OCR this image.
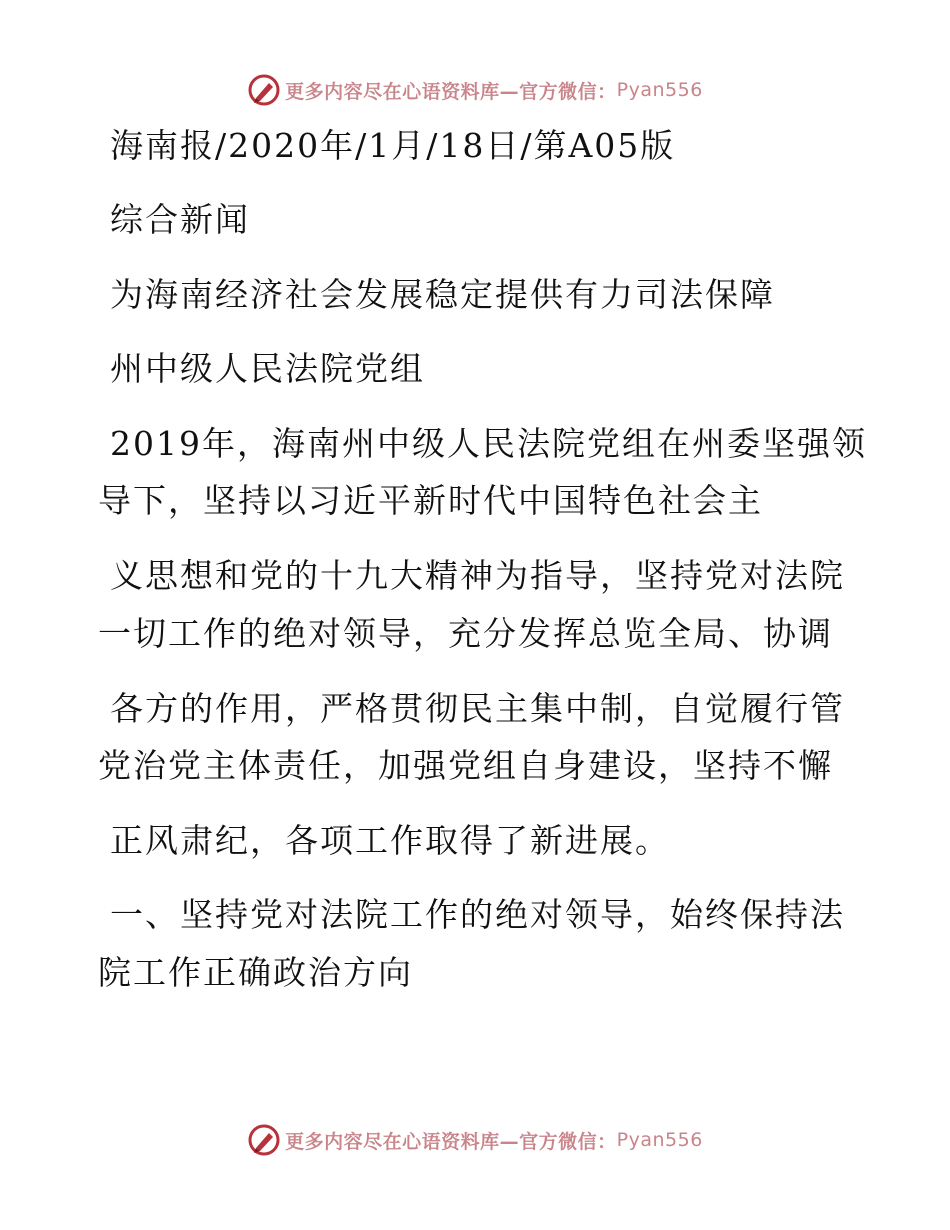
更多内容尽在心语资料库—官方微信： Pyan556
海南报/2020年/1月/18日/第A05版
综合新闻
为海南经济社会发展稳定提供有力司法保障
州中级人民法院党组
2019年，海南州中级人民法院党组在州委坚强领
导下，坚持以习近平新时代中国特色社会主
义思想和党的十九大精神为指导，坚持党对法院
一切工作的绝对领导，充分发挥总览全局、协调
各方的作用，严格贯彻民主集中制，自觉履行管
党治党主体责任，加强党组自身建设，坚持不懈
正风肃纪，各项工作取得了新进展。
一、坚持党对法院工作的绝对领导，始终保持法
院工作正确政治方向
更多内容尽在心语资料库—官方微信： Pyan556
